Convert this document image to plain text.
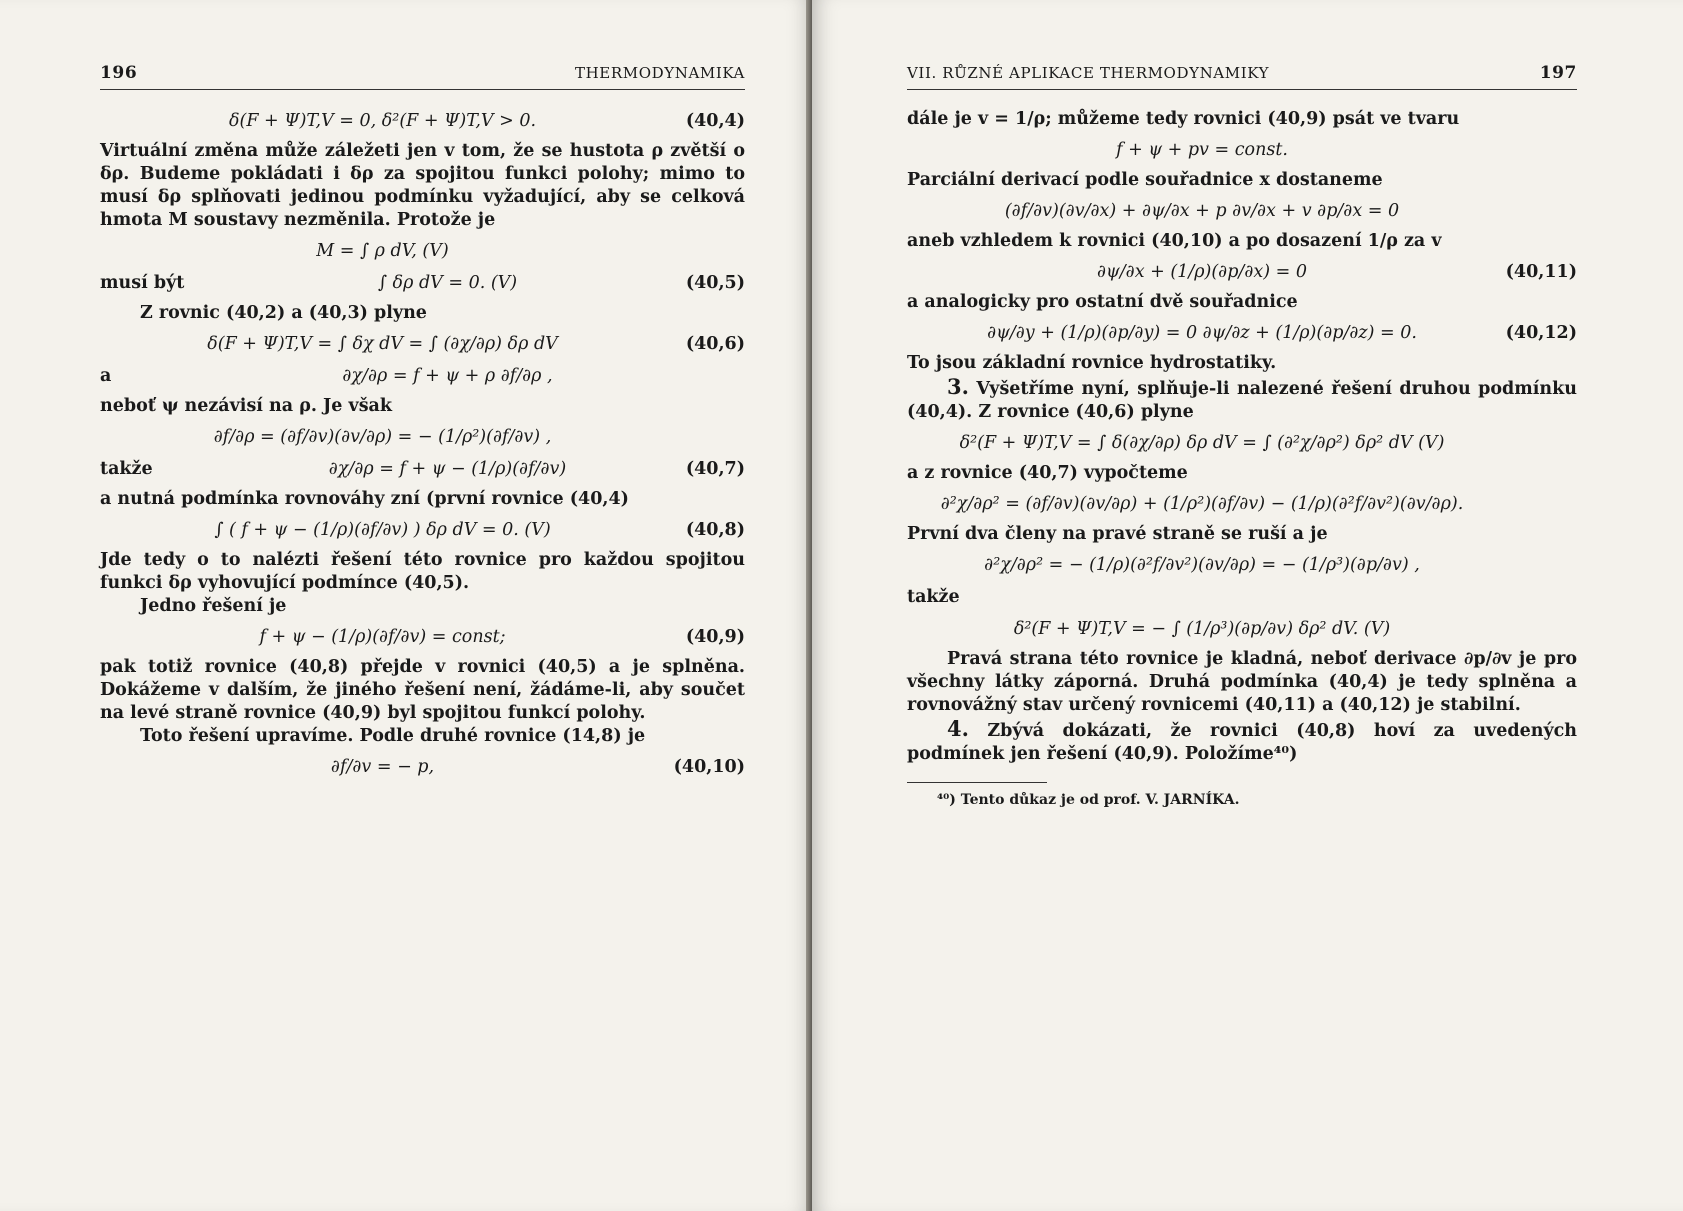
196	THERMODYNAMIKA
δ(F + Ψ)T,V = 0, δ²(F + Ψ)T,V > 0.	(40,4)

Virtuální změna může záležeti jen v tom, že se hustota ρ zvětší o δρ. Budeme pokládati i δρ za spojitou funkci polohy; mimo to musí δρ splňovati jedinou podmínku vyžadující, aby se celková hmota M soustavy nezměnila. Protože je

M = ∫ ρ dV, (V)
musí být	∫ δρ dV = 0. (V)	(40,5)

Z rovnic (40,2) a (40,3) plyne

δ(F + Ψ)T,V = ∫ δχ dV = ∫ (∂χ/∂ρ) δρ dV	(40,6)
a	∂χ/∂ρ = f + ψ + ρ ∂f/∂ρ ,

neboť ψ nezávisí na ρ. Je však

∂f/∂ρ = (∂f/∂v)(∂v/∂ρ) = − (1/ρ²)(∂f/∂v) ,
takže	∂χ/∂ρ = f + ψ − (1/ρ)(∂f/∂v)	(40,7)

a nutná podmínka rovnováhy zní (první rovnice (40,4)

∫ ( f + ψ − (1/ρ)(∂f/∂v) ) δρ dV = 0. (V)	(40,8)

Jde tedy o to nalézti řešení této rovnice pro každou spojitou funkci δρ vyhovující podmínce (40,5).

Jedno řešení je

f + ψ − (1/ρ)(∂f/∂v) = const;	(40,9)

pak totiž rovnice (40,8) přejde v rovnici (40,5) a je splněna. Dokážeme v dalším, že jiného řešení není, žádáme-li, aby součet na levé straně rovnice (40,9) byl spojitou funkcí polohy.

Toto řešení upravíme. Podle druhé rovnice (14,8) je

∂f/∂v = − p,	(40,10)
VII. RŮZNÉ APLIKACE THERMODYNAMIKY	197

dále je v = 1/ρ; můžeme tedy rovnici (40,9) psát ve tvaru

f + ψ + pv = const.

Parciální derivací podle souřadnice x dostaneme

(∂f/∂v)(∂v/∂x) + ∂ψ/∂x + p ∂v/∂x + v ∂p/∂x = 0

aneb vzhledem k rovnici (40,10) a po dosazení 1/ρ za v

∂ψ/∂x + (1/ρ)(∂p/∂x) = 0	(40,11)

a analogicky pro ostatní dvě souřadnice

∂ψ/∂y + (1/ρ)(∂p/∂y) = 0 ∂ψ/∂z + (1/ρ)(∂p/∂z) = 0.	(40,12)

To jsou základní rovnice hydrostatiky.

3. Vyšetříme nyní, splňuje-li nalezené řešení druhou podmínku (40,4). Z rovnice (40,6) plyne

δ²(F + Ψ)T,V = ∫ δ(∂χ/∂ρ) δρ dV = ∫ (∂²χ/∂ρ²) δρ² dV (V)

a z rovnice (40,7) vypočteme

∂²χ/∂ρ² = (∂f/∂v)(∂v/∂ρ) + (1/ρ²)(∂f/∂v) − (1/ρ)(∂²f/∂v²)(∂v/∂ρ).

První dva členy na pravé straně se ruší a je

∂²χ/∂ρ² = − (1/ρ)(∂²f/∂v²)(∂v/∂ρ) = − (1/ρ³)(∂p/∂v) ,
takže
δ²(F + Ψ)T,V = − ∫ (1/ρ³)(∂p/∂v) δρ² dV. (V)

Pravá strana této rovnice je kladná, neboť derivace ∂p/∂v je pro všechny látky záporná. Druhá podmínka (40,4) je tedy splněna a rovnovážný stav určený rovnicemi (40,11) a (40,12) je stabilní.

4. Zbývá dokázati, že rovnici (40,8) hoví za uvedených podmínek jen řešení (40,9). Položíme⁴⁰)

⁴⁰) Tento důkaz je od prof. V. JARNÍKA.
